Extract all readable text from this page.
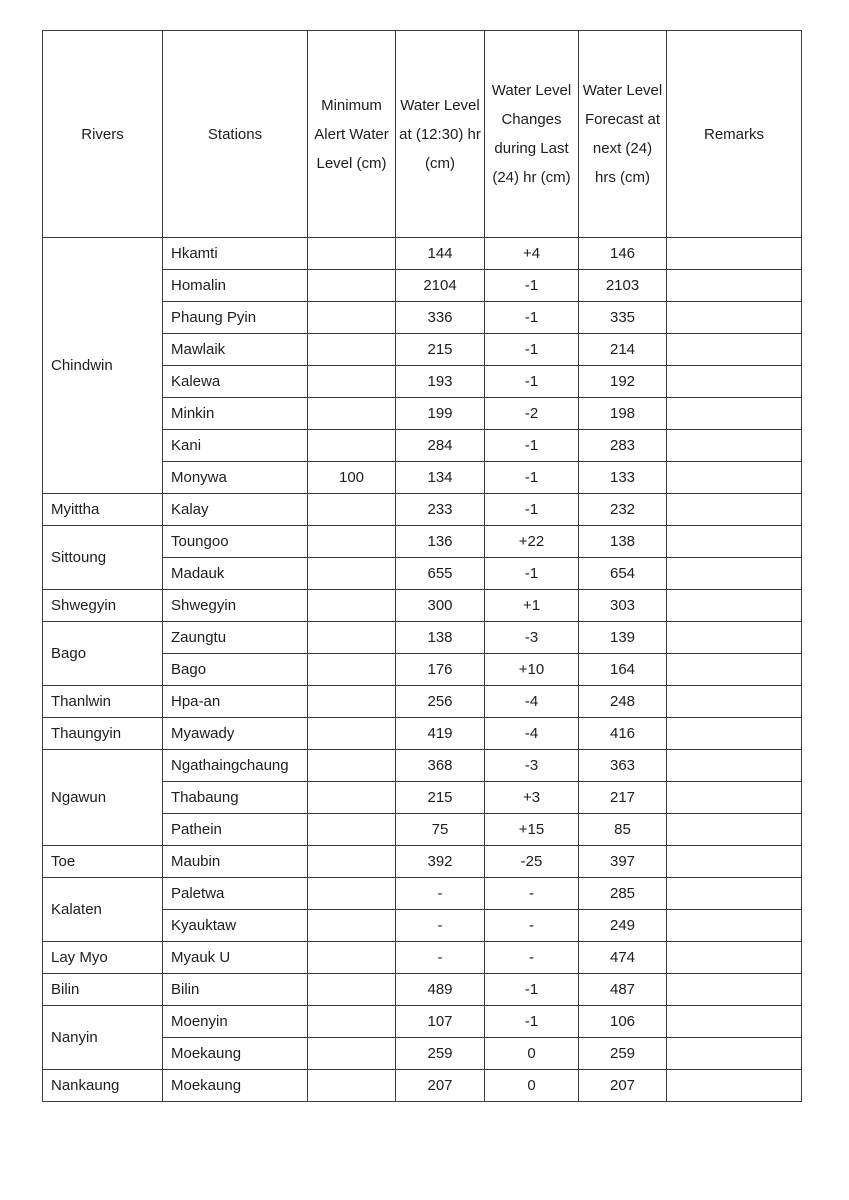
Rivers	Stations	Minimum Alert Water Level (cm)	Water Level at (12:30) hr (cm)	Water Level Changes during Last (24) hr (cm)	Water Level Forecast at next (24) hrs (cm)	Remarks
Chindwin	Hkamti		144	+4	146	
	Homalin		2104	-1	2103	
	Phaung Pyin		336	-1	335	
	Mawlaik		215	-1	214	
	Kalewa		193	-1	192	
	Minkin		199	-2	198	
	Kani		284	-1	283	
	Monywa	100	134	-1	133	
Myittha	Kalay		233	-1	232	
Sittoung	Toungoo		136	+22	138	
	Madauk		655	-1	654	
Shwegyin	Shwegyin		300	+1	303	
Bago	Zaungtu		138	-3	139	
	Bago		176	+10	164	
Thanlwin	Hpa-an		256	-4	248	
Thaungyin	Myawady		419	-4	416	
Ngawun	Ngathaingchaung		368	-3	363	
	Thabaung		215	+3	217	
	Pathein		75	+15	85	
Toe	Maubin		392	-25	397	
Kalaten	Paletwa		-	-	285	
	Kyauktaw		-	-	249	
Lay Myo	Myauk U		-	-	474	
Bilin	Bilin		489	-1	487	
Nanyin	Moenyin		107	-1	106	
	Moekaung		259	0	259	
Nankaung	Moekaung		207	0	207	
